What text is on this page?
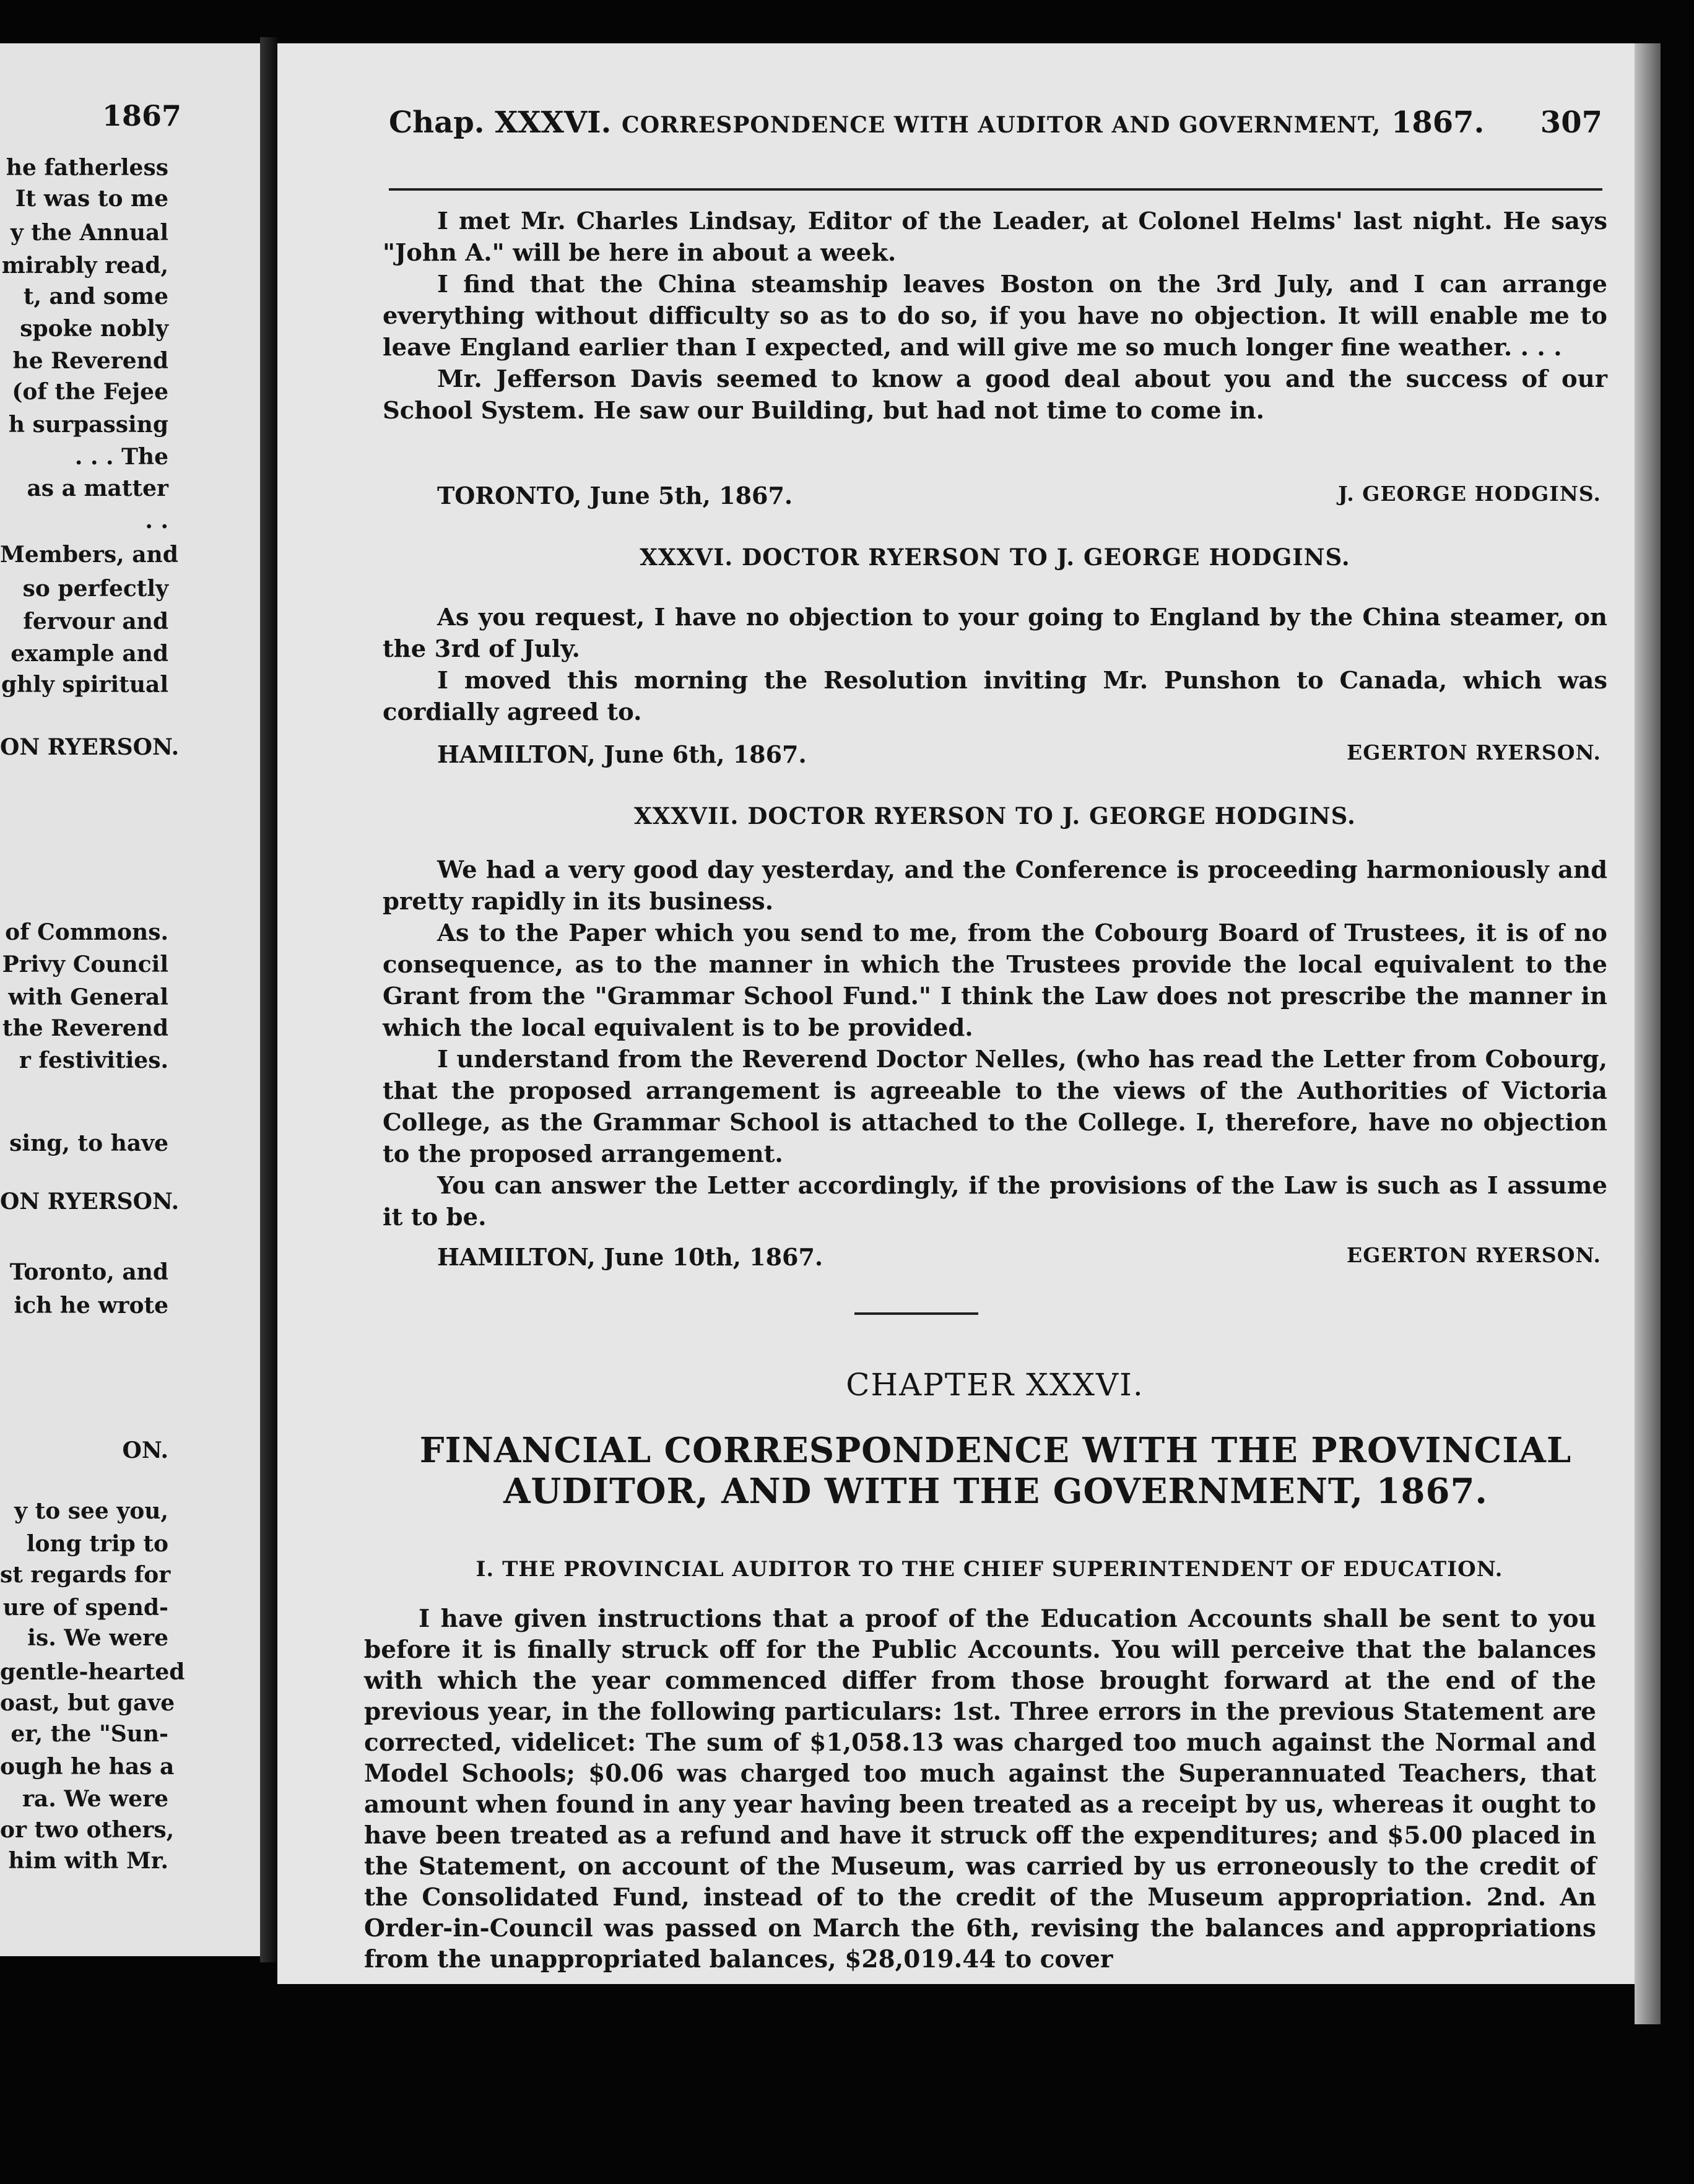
1867
he fatherless
It was to me
y the Annual
mirably read,
t, and some
spoke nobly
he Reverend
(of the Fejee
h surpassing
. . . The
as a matter
. .
Members, and
so perfectly
fervour and
example and
ghly spiritual
ON RYERSON.
of Commons.
Privy Council
with General
the Reverend
r festivities.
sing, to have
ON RYERSON.
Toronto, and
ich he wrote
ON.
y to see you,
long trip to
st regards for
ure of spend-
is. We were
gentle-hearted
oast, but gave
er, the "Sun-
ough he has a
ra. We were
or two others,
him with Mr.
Chap. XXXVI. CORRESPONDENCE WITH AUDITOR AND GOVERNMENT, 1867. 307

I met Mr. Charles Lindsay, Editor of the Leader, at Colonel Helms' last night. He says "John A." will be here in about a week.

I find that the China steamship leaves Boston on the 3rd July, and I can arrange everything without difficulty so as to do so, if you have no objection. It will enable me to leave England earlier than I expected, and will give me so much longer fine weather. . . .

Mr. Jefferson Davis seemed to know a good deal about you and the success of our School System. He saw our Building, but had not time to come in.

TORONTO, June 5th, 1867.	J. GEORGE HODGINS.
XXXVI. DOCTOR RYERSON TO J. GEORGE HODGINS.

As you request, I have no objection to your going to England by the China steamer, on the 3rd of July.

I moved this morning the Resolution inviting Mr. Punshon to Canada, which was cordially agreed to.

HAMILTON, June 6th, 1867.	EGERTON RYERSON.
XXXVII. DOCTOR RYERSON TO J. GEORGE HODGINS.

We had a very good day yesterday, and the Conference is proceeding harmoniously and pretty rapidly in its business.

As to the Paper which you send to me, from the Cobourg Board of Trustees, it is of no consequence, as to the manner in which the Trustees provide the local equivalent to the Grant from the "Grammar School Fund." I think the Law does not prescribe the manner in which the local equivalent is to be provided.

I understand from the Reverend Doctor Nelles, (who has read the Letter from Cobourg, that the proposed arrangement is agreeable to the views of the Authorities of Victoria College, as the Grammar School is attached to the College. I, therefore, have no objection to the proposed arrangement.

You can answer the Letter accordingly, if the provisions of the Law is such as I assume it to be.

HAMILTON, June 10th, 1867.	EGERTON RYERSON.
CHAPTER XXXVI.
FINANCIAL CORRESPONDENCE WITH THE PROVINCIAL AUDITOR, AND WITH THE GOVERNMENT, 1867.
I. THE PROVINCIAL AUDITOR TO THE CHIEF SUPERINTENDENT OF EDUCATION.

I have given instructions that a proof of the Education Accounts shall be sent to you before it is finally struck off for the Public Accounts. You will perceive that the balances with which the year commenced differ from those brought forward at the end of the previous year, in the following particulars: 1st. Three errors in the previous Statement are corrected, videlicet: The sum of $1,058.13 was charged too much against the Normal and Model Schools; $0.06 was charged too much against the Superannuated Teachers, that amount when found in any year having been treated as a receipt by us, whereas it ought to have been treated as a refund and have it struck off the expenditures; and $5.00 placed in the Statement, on account of the Museum, was carried by us erroneously to the credit of the Consolidated Fund, instead of to the credit of the Museum appropriation. 2nd. An Order-in-Council was passed on March the 6th, revising the balances and appropriations from the unappropriated balances, $28,019.44 to cover
